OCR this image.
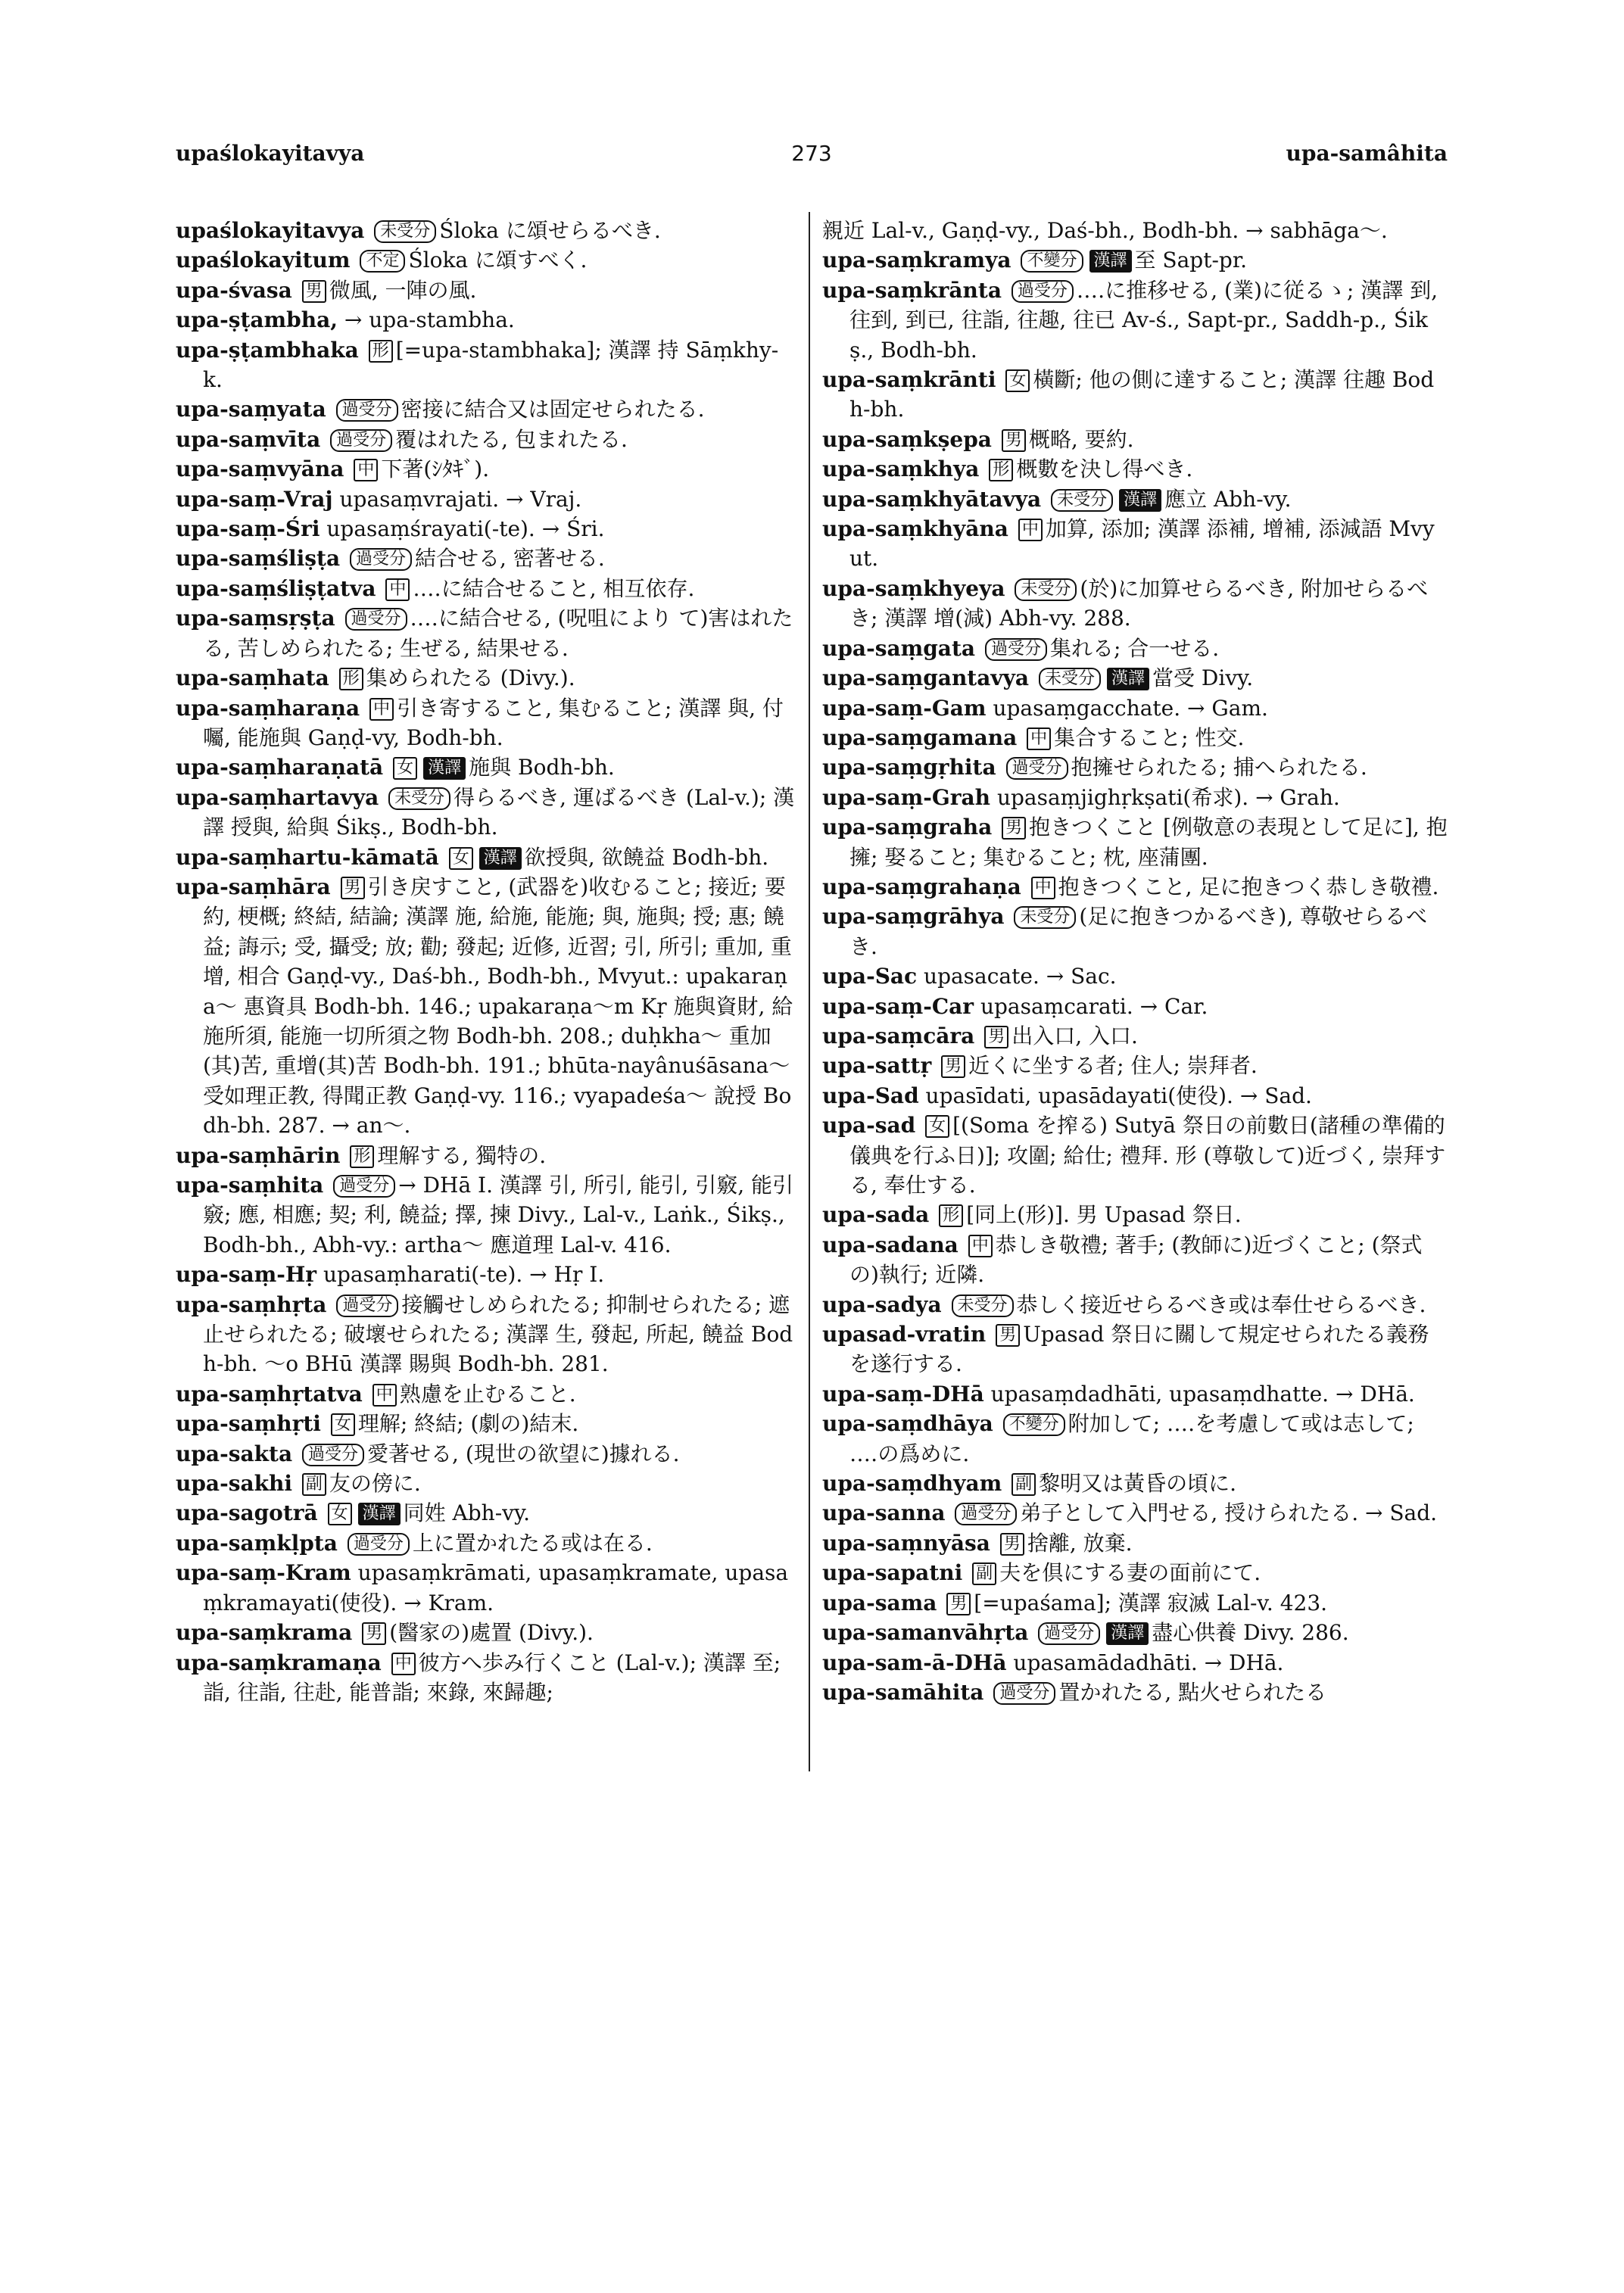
273
upaślokayitavya	upa-samâhita

upaślokayitavya 未受分 Śloka に頌せらるべき.

upaślokayitum 不定 Śloka に頌すべく.

upa-śvasa 男 微風, 一陣の風.

upa-ṣṭambha, → upa-stambha.

upa-ṣṭambhaka 形 [=upa-stambhaka]; 漢譯 持 Sāṃkhy-k.

upa-saṃyata 過受分 密接に結合又は固定せられたる.

upa-saṃvīta 過受分 覆はれたる, 包まれたる.

upa-saṃvyāna 中 下著(ｼﾀｷﾞ).

upa-saṃ-Vraj upasaṃvrajati. → Vraj.

upa-saṃ-Śri upasaṃśrayati(-te). → Śri.

upa-saṃśliṣṭa 過受分 結合せる, 密著せる.

upa-saṃśliṣṭatva 中 ‥‥に結合せること, 相互依存.

upa-saṃsṛṣṭa 過受分 ‥‥に結合せる, (呪咀により て)害はれたる, 苦しめられたる; 生ぜる, 結果せる.

upa-saṃhata 形 集められたる (Divy.).

upa-saṃharaṇa 中 引き寄すること, 集むること; 漢譯 與, 付囑, 能施與 Gaṇḍ-vy, Bodh-bh.

upa-saṃharaṇatā 女 漢譯 施與 Bodh-bh.

upa-saṃhartavya 未受分 得らるべき, 運ばるべき (Lal-v.); 漢譯 授與, 給與 Śikṣ., Bodh-bh.

upa-saṃhartu-kāmatā 女 漢譯 欲授與, 欲饒益 Bodh-bh.

upa-saṃhāra 男 引き戻すこと, (武器を)收むること; 接近; 要約, 梗概; 終結, 結論; 漢譯 施, 給施, 能施; 與, 施與; 授; 惠; 饒益; 誨示; 受, 攝受; 放; 勸; 發起; 近修, 近習; 引, 所引; 重加, 重增, 相合 Gaṇḍ-vy., Daś-bh., Bodh-bh., Mvyut.: upakaraṇa〜 惠資具 Bodh-bh. 146.; upakaraṇa〜m Kṛ 施與資財, 給施所須, 能施一切所須之物 Bodh-bh. 208.; duḥkha〜 重加(其)苦, 重增(其)苦 Bodh-bh. 191.; bhūta-nayânuśāsana〜 受如理正教, 得聞正教 Gaṇḍ-vy. 116.; vyapadeśa〜 說授 Bodh-bh. 287. → an〜.

upa-saṃhārin 形 理解する, 獨特の.

upa-saṃhita 過受分 → DHā I. 漢譯 引, 所引, 能引, 引竅, 能引竅; 應, 相應; 契; 利, 饒益; 擇, 揀 Divy., Lal-v., Laṅk., Śikṣ., Bodh-bh., Abh-vy.: artha〜 應道理 Lal-v. 416.

upa-saṃ-Hṛ upasaṃharati(-te). → Hṛ I.

upa-saṃhṛta 過受分 接觸せしめられたる; 抑制せられたる; 遮止せられたる; 破壞せられたる; 漢譯 生, 發起, 所起, 饒益 Bodh-bh. 〜o BHū 漢譯 賜與 Bodh-bh. 281.

upa-saṃhṛtatva 中 熟慮を止むること.

upa-saṃhṛti 女 理解; 終結; (劇の)結末.

upa-sakta 過受分 愛著せる, (現世の欲望に)據れる.

upa-sakhi 副 友の傍に.

upa-sagotrā 女 漢譯 同姓 Abh-vy.

upa-saṃkḷpta 過受分 上に置かれたる或は在る.

upa-saṃ-Kram upasaṃkrāmati, upasaṃkramate, upasaṃkramayati(使役). → Kram.

upa-saṃkrama 男 (醫家の)處置 (Divy.).

upa-saṃkramaṇa 中 彼方へ歩み行くこと (Lal-v.); 漢譯 至; 詣, 往詣, 往赴, 能普詣; 來錄, 來歸趣;

親近 Lal-v., Gaṇḍ-vy., Daś-bh., Bodh-bh. → sabhāga〜.

upa-saṃkramya 不變分 漢譯 至 Sapt-pr.

upa-saṃkrānta 過受分 ‥‥に推移せる, (業)に従るゝ; 漢譯 到, 往到, 到已, 往詣, 往趣, 往已 Av-ś., Sapt-pr., Saddh-p., Śikṣ., Bodh-bh.

upa-saṃkrānti 女 橫斷; 他の側に達すること; 漢譯 往趣 Bodh-bh.

upa-saṃkṣepa 男 概略, 要約.

upa-saṃkhya 形 概數を決し得べき.

upa-saṃkhyātavya 未受分 漢譯 應立 Abh-vy.

upa-saṃkhyāna 中 加算, 添加; 漢譯 添補, 增補, 添減語 Mvyut.

upa-saṃkhyeya 未受分 (於)に加算せらるべき, 附加せらるべき; 漢譯 增(減) Abh-vy. 288.

upa-saṃgata 過受分 集れる; 合一せる.

upa-saṃgantavya 未受分 漢譯 當受 Divy.

upa-saṃ-Gam upasaṃgacchate. → Gam.

upa-saṃgamana 中 集合すること; 性交.

upa-saṃgṛhita 過受分 抱擁せられたる; 捕へられたる.

upa-saṃ-Grah upasaṃjighṛkṣati(希求). → Grah.

upa-saṃgraha 男 抱きつくこと [例敬意の表現として足に], 抱擁; 娶ること; 集むること; 枕, 座蒲團.

upa-saṃgrahaṇa 中 抱きつくこと, 足に抱きつく恭しき敬禮.

upa-saṃgrāhya 未受分 (足に抱きつかるべき), 尊敬せらるべき.

upa-Sac upasacate. → Sac.

upa-saṃ-Car upasaṃcarati. → Car.

upa-saṃcāra 男 出入口, 入口.

upa-sattṛ 男 近くに坐する者; 住人; 崇拜者.

upa-Sad upasīdati, upasādayati(使役). → Sad.

upa-sad 女 [(Soma を搾る) Sutyā 祭日の前數日(諸種の準備的儀典を行ふ日)]; 攻圍; 給仕; 禮拜. 形 (尊敬して)近づく, 崇拜する, 奉仕する.

upa-sada 形 [同上(形)]. 男 Upasad 祭日.

upa-sadana 中 恭しき敬禮; 著手; (教師に)近づくこと; (祭式の)執行; 近隣.

upa-sadya 未受分 恭しく接近せらるべき或は奉仕せらるべき.

upasad-vratin 男 Upasad 祭日に關して規定せられたる義務を遂行する.

upa-saṃ-DHā upasaṃdadhāti, upasaṃdhatte. → DHā.

upa-saṃdhāya 不變分 附加して; ‥‥を考慮して或は志して; ‥‥の爲めに.

upa-saṃdhyam 副 黎明又は黃昏の頃に.

upa-sanna 過受分 弟子として入門せる, 授けられたる. → Sad.

upa-saṃnyāsa 男 捨離, 放棄.

upa-sapatni 副 夫を倶にする妻の面前にて.

upa-sama 男 [=upaśama]; 漢譯 寂滅 Lal-v. 423.

upa-samanvāhṛta 過受分 漢譯 盡心供養 Divy. 286.

upa-sam-ā-DHā upasamādadhāti. → DHā.

upa-samāhita 過受分 置かれたる, 點火せられたる
